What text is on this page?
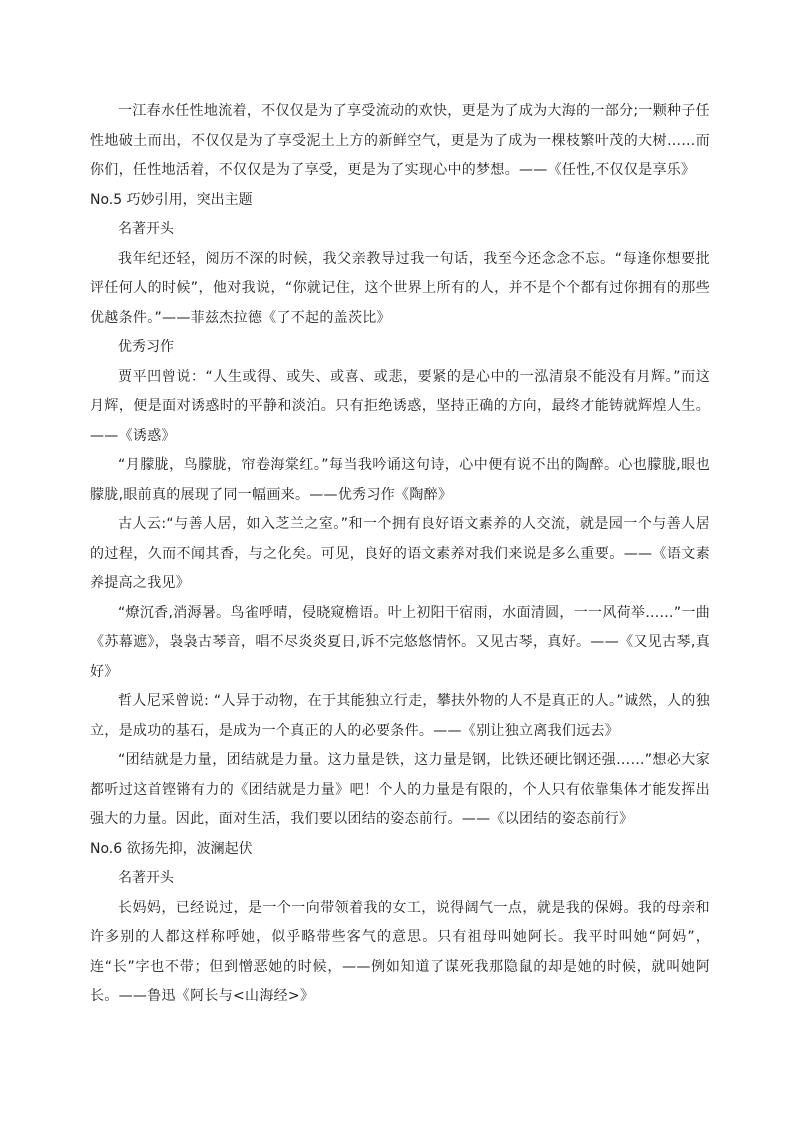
一江春水任性地流着，不仅仅是为了享受流动的欢快，更是为了成为大海的一部分;一颗种子任性地破土而出，不仅仅是为了享受泥土上方的新鲜空气，更是为了成为一棵枝繁叶茂的大树……而你们，任性地活着，不仅仅是为了享受，更是为了实现心中的梦想。——《任性,不仅仅是享乐》

No.5 巧妙引用，突出主题

名著开头

我年纪还轻，阅历不深的时候，我父亲教导过我一句话，我至今还念念不忘。“每逢你想要批评任何人的时候”，他对我说，“你就记住，这个世界上所有的人，并不是个个都有过你拥有的那些优越条件。”——菲兹杰拉德《了不起的盖茨比》

优秀习作

贾平凹曾说：“人生或得、或失、或喜、或悲，要紧的是心中的一泓清泉不能没有月辉。”而这月辉，便是面对诱惑时的平静和淡泊。只有拒绝诱惑，坚持正确的方向，最终才能铸就辉煌人生。——《诱惑》

“月朦胧，鸟朦胧，帘卷海棠红。”每当我吟诵这句诗，心中便有说不出的陶醉。心也朦胧,眼也朦胧,眼前真的展现了同一幅画来。——优秀习作《陶醉》

古人云:“与善人居，如入芝兰之室。”和一个拥有良好语文素养的人交流，就是园一个与善人居的过程，久而不闻其香，与之化矣。可见，良好的语文素养对我们来说是多么重要。——《语文素养提高之我见》

“燎沉香,消溽暑。鸟雀呼晴，侵晓窥檐语。叶上初阳干宿雨，水面清圆，一一风荷举……”一曲《苏幕遮》，袅袅古琴音，唱不尽炎炎夏日,诉不完悠悠情怀。又见古琴，真好。——《又见古琴,真好》

哲人尼采曾说: “人异于动物，在于其能独立行走，攀扶外物的人不是真正的人。”诚然，人的独立，是成功的基石，是成为一个真正的人的必要条件。——《别让独立离我们远去》

“团结就是力量，团结就是力量。这力量是铁，这力量是钢，比铁还硬比钢还强……”想必大家都听过这首铿锵有力的《团结就是力量》吧！个人的力量是有限的，个人只有依靠集体才能发挥出强大的力量。因此，面对生活，我们要以团结的姿态前行。——《以团结的姿态前行》

No.6 欲扬先抑，波澜起伏

名著开头

长妈妈，已经说过，是一个一向带领着我的女工，说得阔气一点，就是我的保姆。我的母亲和许多别的人都这样称呼她，似乎略带些客气的意思。只有祖母叫她阿长。我平时叫她“阿妈”，连“长”字也不带；但到憎恶她的时候，——例如知道了谋死我那隐鼠的却是她的时候，就叫她阿长。——鲁迅《阿长与<山海经>》
